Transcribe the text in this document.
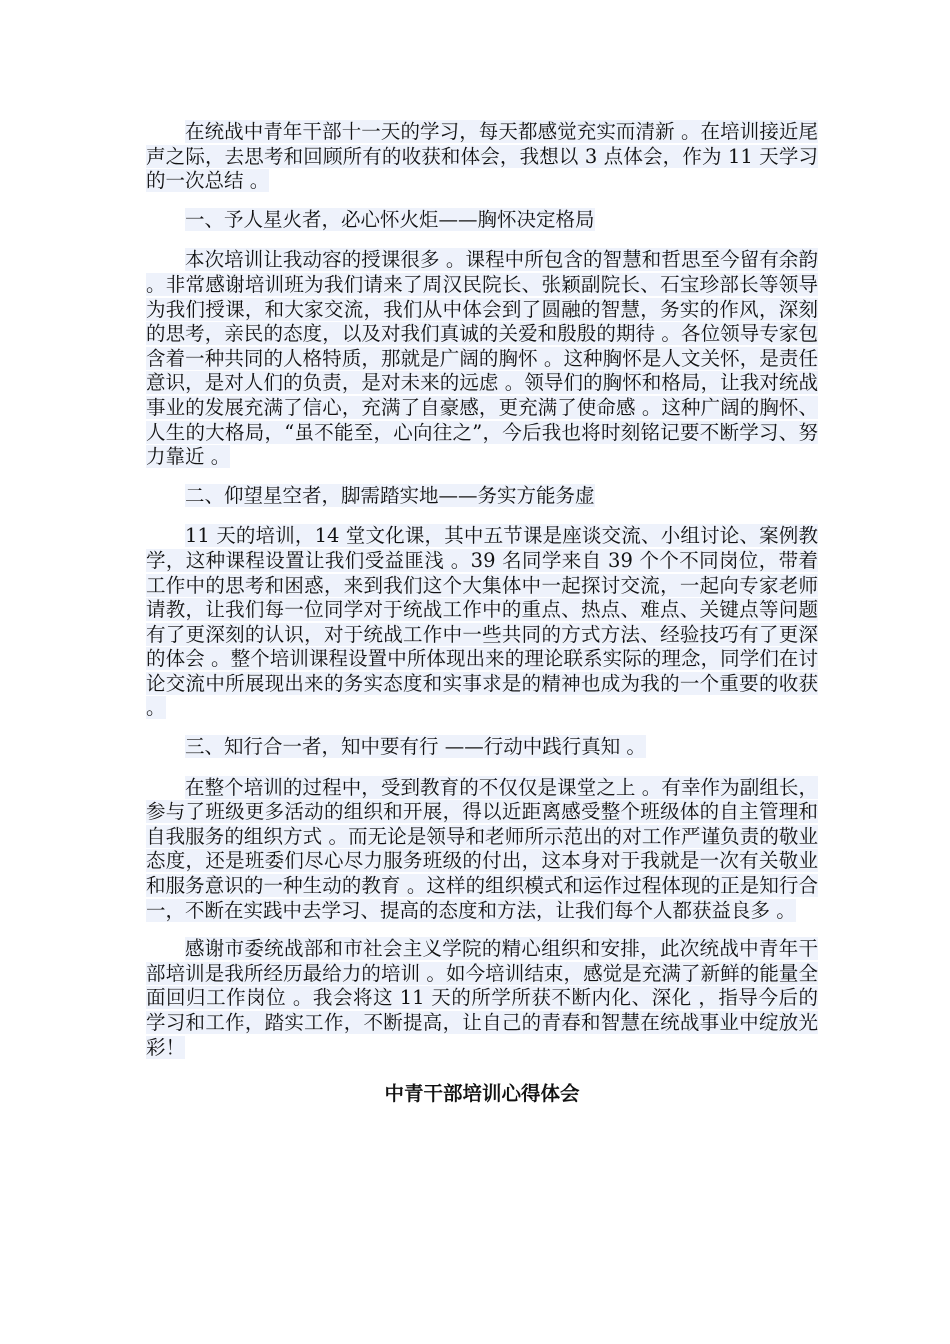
在统战中青年干部十一天的学习，每天都感觉充实而清新 。在培训接近尾声之际，去思考和回顾所有的收获和体会，我想以 3 点体会，作为 11 天学习的一次总结 。

一、予人星火者，必心怀火炬——胸怀决定格局

本次培训让我动容的授课很多 。课程中所包含的智慧和哲思至今留有余韵 。非常感谢培训班为我们请来了周汉民院长、张颖副院长、石宝珍部长等领导为我们授课，和大家交流，我们从中体会到了圆融的智慧，务实的作风，深刻的思考，亲民的态度，以及对我们真诚的关爱和殷殷的期待 。各位领导专家包含着一种共同的人格特质，那就是广阔的胸怀 。这种胸怀是人文关怀，是责任意识，是对人们的负责，是对未来的远虑 。领导们的胸怀和格局，让我对统战事业的发展充满了信心，充满了自豪感，更充满了使命感 。这种广阔的胸怀、人生的大格局，“虽不能至，心向往之”，今后我也将时刻铭记要不断学习、努力靠近 。

二、仰望星空者，脚需踏实地——务实方能务虚

11 天的培训，14 堂文化课，其中五节课是座谈交流、小组讨论、案例教学，这种课程设置让我们受益匪浅 。39 名同学来自 39 个个不同岗位，带着工作中的思考和困惑，来到我们这个大集体中一起探讨交流，一起向专家老师请教，让我们每一位同学对于统战工作中的重点、热点、难点、关键点等问题有了更深刻的认识，对于统战工作中一些共同的方式方法、经验技巧有了更深的体会 。整个培训课程设置中所体现出来的理论联系实际的理念，同学们在讨论交流中所展现出来的务实态度和实事求是的精神也成为我的一个重要的收获 。

三、知行合一者，知中要有行 ——行动中践行真知 。

在整个培训的过程中，受到教育的不仅仅是课堂之上 。有幸作为副组长，参与了班级更多活动的组织和开展，得以近距离感受整个班级体的自主管理和自我服务的组织方式 。而无论是领导和老师所示范出的对工作严谨负责的敬业态度，还是班委们尽心尽力服务班级的付出，这本身对于我就是一次有关敬业和服务意识的一种生动的教育 。这样的组织模式和运作过程体现的正是知行合一，不断在实践中去学习、提高的态度和方法，让我们每个人都获益良多 。

感谢市委统战部和市社会主义学院的精心组织和安排，此次统战中青年干部培训是我所经历最给力的培训 。如今培训结束，感觉是充满了新鲜的能量全面回归工作岗位 。我会将这 11 天的所学所获不断内化、深化 ，指导今后的学习和工作，踏实工作，不断提高，让自己的青春和智慧在统战事业中绽放光彩！

中青干部培训心得体会
